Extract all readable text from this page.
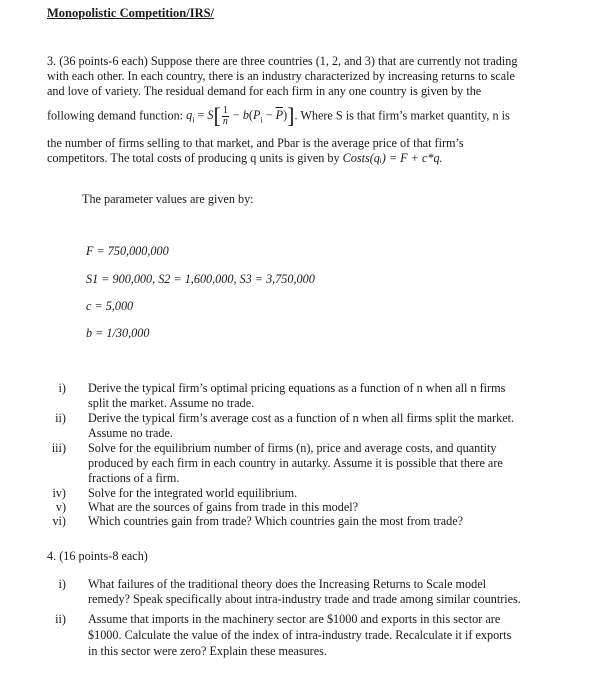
Monopolistic Competition/IRS/
3. (36 points-6 each) Suppose there are three countries (1, 2, and 3) that are currently not trading
with each other. In each country, there is an industry characterized by increasing returns to scale
and love of variety. The residual demand for each firm in any one country is given by the
following demand function: $q_i = S[ \frac{1}{n} - b(P_i - \overline{P})]$. Where S is that firm’s market quantity, n is
the number of firms selling to that market, and Pbar is the average price of that firm’s
competitors. The total costs of producing q units is given by Costs(qᵢ) = F + c*q.
The parameter values are given by:
F = 750,000,000
S1 = 900,000, S2 = 1,600,000, S3 = 3,750,000
c = 5,000
b = 1/30,000
i) Derive the typical firm’s optimal pricing equations as a function of n when all n firms
split the market. Assume no trade.
ii) Derive the typical firm’s average cost as a function of n when all firms split the market.
Assume no trade.
iii) Solve for the equilibrium number of firms (n), price and average costs, and quantity
produced by each firm in each country in autarky. Assume it is possible that there are
fractions of a firm.
iv) Solve for the integrated world equilibrium.
v) What are the sources of gains from trade in this model?
vi) Which countries gain from trade? Which countries gain the most from trade?
4. (16 points-8 each)
i) What failures of the traditional theory does the Increasing Returns to Scale model
remedy? Speak specifically about intra-industry trade and trade among similar countries.
ii) Assume that imports in the machinery sector are $1000 and exports in this sector are
$1000. Calculate the value of the index of intra-industry trade. Recalculate it if exports
in this sector were zero? Explain these measures.
